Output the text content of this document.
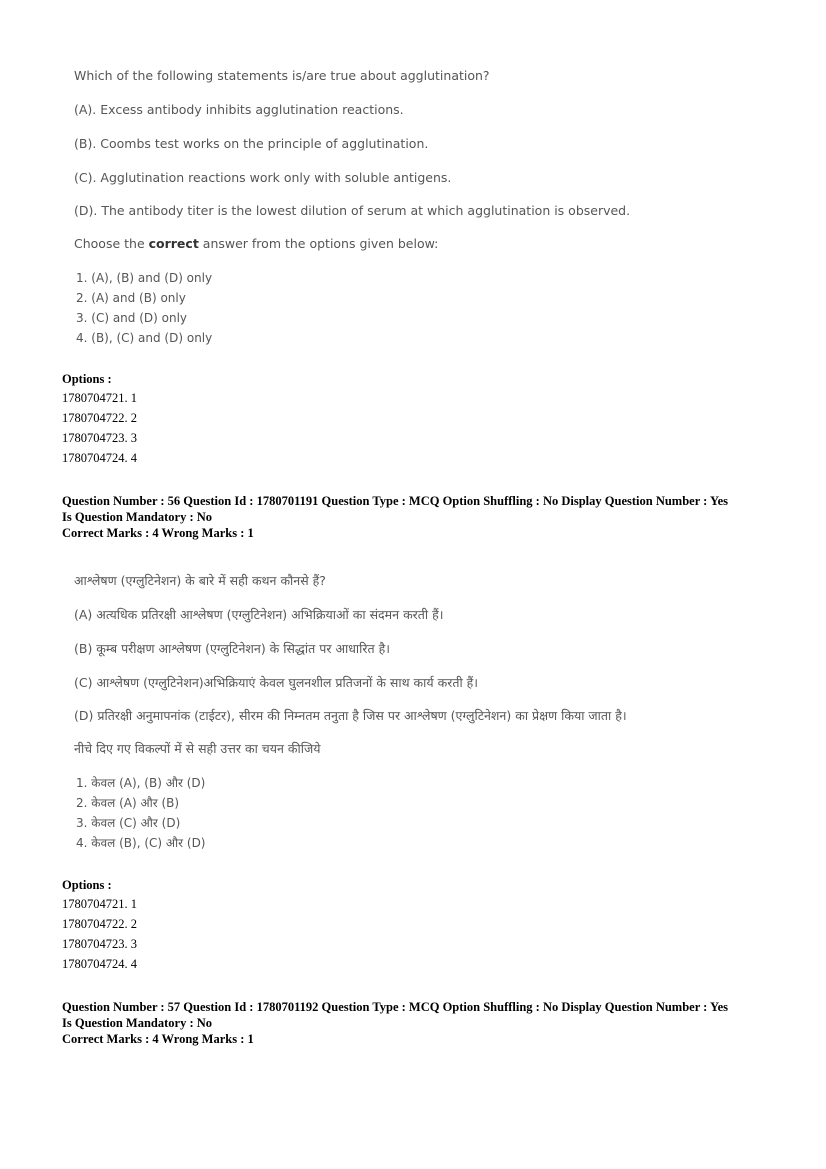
Which of the following statements is/are true about agglutination?
(A). Excess antibody inhibits agglutination reactions.
(B). Coombs test works on the principle of agglutination.
(C). Agglutination reactions work only with soluble antigens.
(D). The antibody titer is the lowest dilution of serum at which agglutination is observed.
Choose the correct answer from the options given below:
1. (A), (B) and (D) only
2. (A) and (B) only
3. (C) and (D) only
4. (B), (C) and (D) only
Options :
1780704721. 1
1780704722. 2
1780704723. 3
1780704724. 4
Question Number : 56 Question Id : 1780701191 Question Type : MCQ Option Shuffling : No Display Question Number : Yes
Is Question Mandatory : No
Correct Marks : 4 Wrong Marks : 1
आश्लेषण (एग्लुटिनेशन) के बारे में सही कथन कौनसे हैं?
(A) अत्यधिक प्रतिरक्षी आश्लेषण (एग्लुटिनेशन) अभिक्रियाओं का संदमन करती हैं।
(B) कूम्ब परीक्षण आश्लेषण (एग्लुटिनेशन) के सिद्धांत पर आधारित है।
(C) आश्लेषण (एग्लुटिनेशन)अभिक्रियाएं केवल घुलनशील प्रतिजनों के साथ कार्य करती हैं।
(D) प्रतिरक्षी अनुमापनांक (टाईटर), सीरम की निम्नतम तनुता है जिस पर आश्लेषण (एग्लुटिनेशन) का प्रेक्षण किया जाता है।
नीचे दिए गए विकल्पों में से सही उत्तर का चयन कीजिये
1. केवल (A), (B) और (D)
2. केवल (A) और (B)
3. केवल (C) और (D)
4. केवल (B), (C) और (D)
Options :
1780704721. 1
1780704722. 2
1780704723. 3
1780704724. 4
Question Number : 57 Question Id : 1780701192 Question Type : MCQ Option Shuffling : No Display Question Number : Yes
Is Question Mandatory : No
Correct Marks : 4 Wrong Marks : 1
